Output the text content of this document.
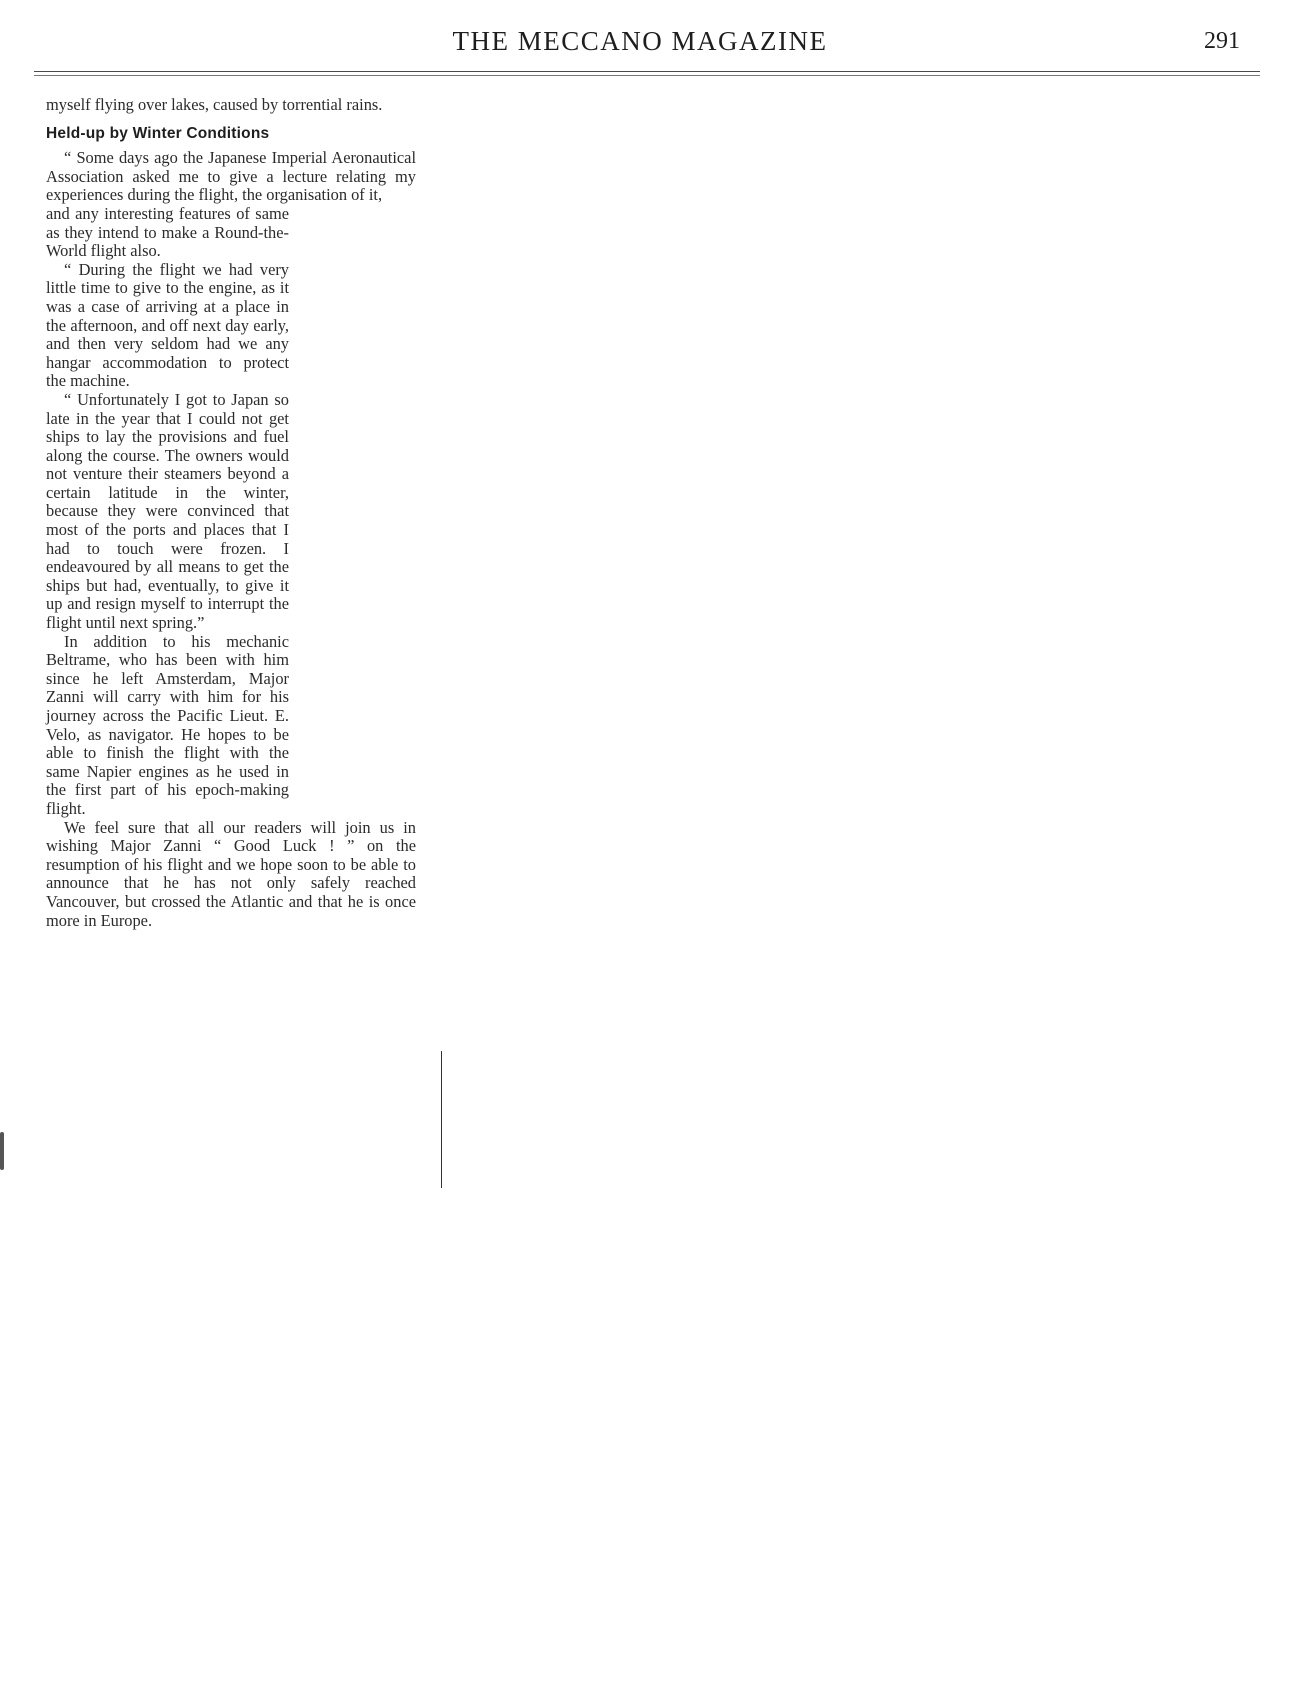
THE MECCANO MAGAZINE	291

myself flying over lakes, caused by torrential rains.

Held-up by Winter Conditions

“ Some days ago the Japanese Imperial Aeronautical Association asked me to give a lecture relating my experiences during the flight, the organisation of it,

and any interesting features of same as they intend to make a Round-the-World flight also.

“ During the flight we had very little time to give to the engine, as it was a case of arriving at a place in the afternoon, and off next day early, and then very seldom had we any hangar accommodation to protect the machine.

“ Unfortunately I got to Japan so late in the year that I could not get ships to lay the provisions and fuel along the course. The owners would not venture their steamers beyond a certain latitude in the winter, because they were convinced that most of the ports and places that I had to touch were frozen. I endeavoured by all means to get the ships but had, eventually, to give it up and resign myself to interrupt the flight until next spring.”

In addition to his mechanic Beltrame, who has been with him since he left Amsterdam, Major Zanni will carry with him for his journey across the Pacific Lieut. E. Velo, as navigator. He hopes to be able to finish the flight with the same Napier engines as he used in the first part of his epoch-making flight.

We feel sure that all our readers will join us in wishing Major Zanni “ Good Luck ! ” on the resumption of his flight and we hope soon to be able to announce that he has not only safely reached Vancouver, but crossed the Atlantic and that he is once more in Europe.
